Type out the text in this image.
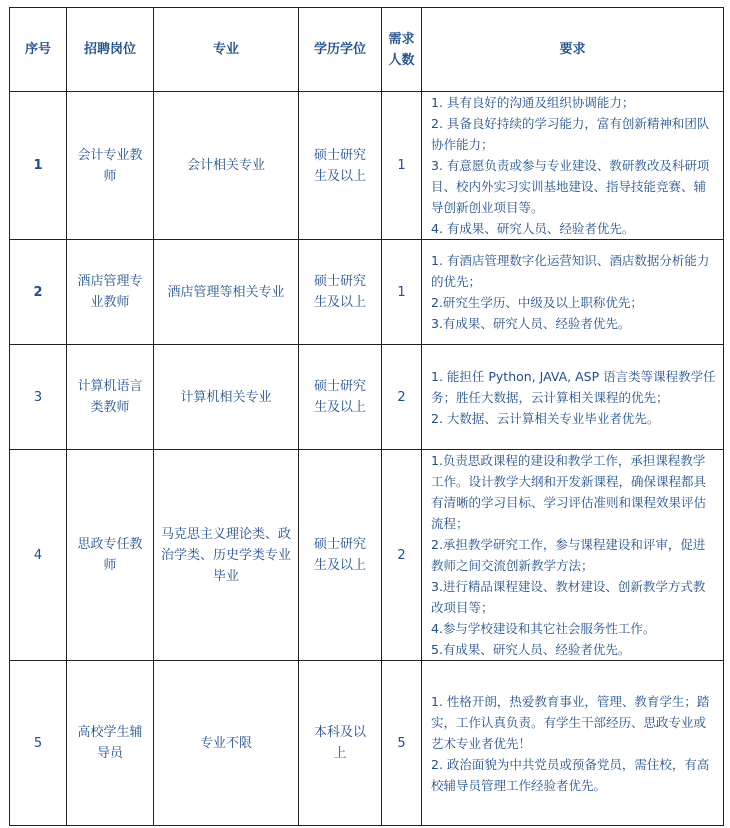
序号	招聘岗位	专业	学历学位	需求人数	要求

1	会计专业教师	会计相关专业	硕士研究生及以上	1	1. 具有良好的沟通及组织协调能力；

2. 具备良好持续的学习能力，富有创新精神和团队协作能力；

3. 有意愿负责或参与专业建设、教研教改及科研项目、校内外实习实训基地建设、指导技能竞赛、辅导创新创业项目等。

4. 有成果、研究人员、经验者优先。

2	酒店管理专业教师	酒店管理等相关专业	硕士研究生及以上	1	1. 有酒店管理数字化运营知识、酒店数据分析能力的优先；

2.研究生学历、中级及以上职称优先；

3.有成果、研究人员、经验者优先。

3	计算机语言类教师	计算机相关专业	硕士研究生及以上	2	1. 能担任 Python, JAVA, ASP 语言类等课程教学任务；胜任大数据，云计算相关课程的优先；

2. 大数据、云计算相关专业毕业者优先。

4	思政专任教师	马克思主义理论类、政治学类、历史学类专业毕业	硕士研究生及以上	2	1.负责思政课程的建设和教学工作，承担课程教学工作。设计教学大纲和开发新课程，确保课程都具有清晰的学习目标、学习评估准则和课程效果评估流程；

2.承担教学研究工作，参与课程建设和评审，促进教师之间交流创新教学方法；

3.进行精品课程建设、教材建设、创新教学方式教改项目等；

4.参与学校建设和其它社会服务性工作。

5.有成果、研究人员、经验者优先。

5	高校学生辅导员	专业不限	本科及以上	5	1. 性格开朗，热爱教育事业，管理、教育学生；踏实，工作认真负责。有学生干部经历、思政专业或艺术专业者优先！

2. 政治面貌为中共党员或预备党员，需住校，有高校辅导员管理工作经验者优先。
